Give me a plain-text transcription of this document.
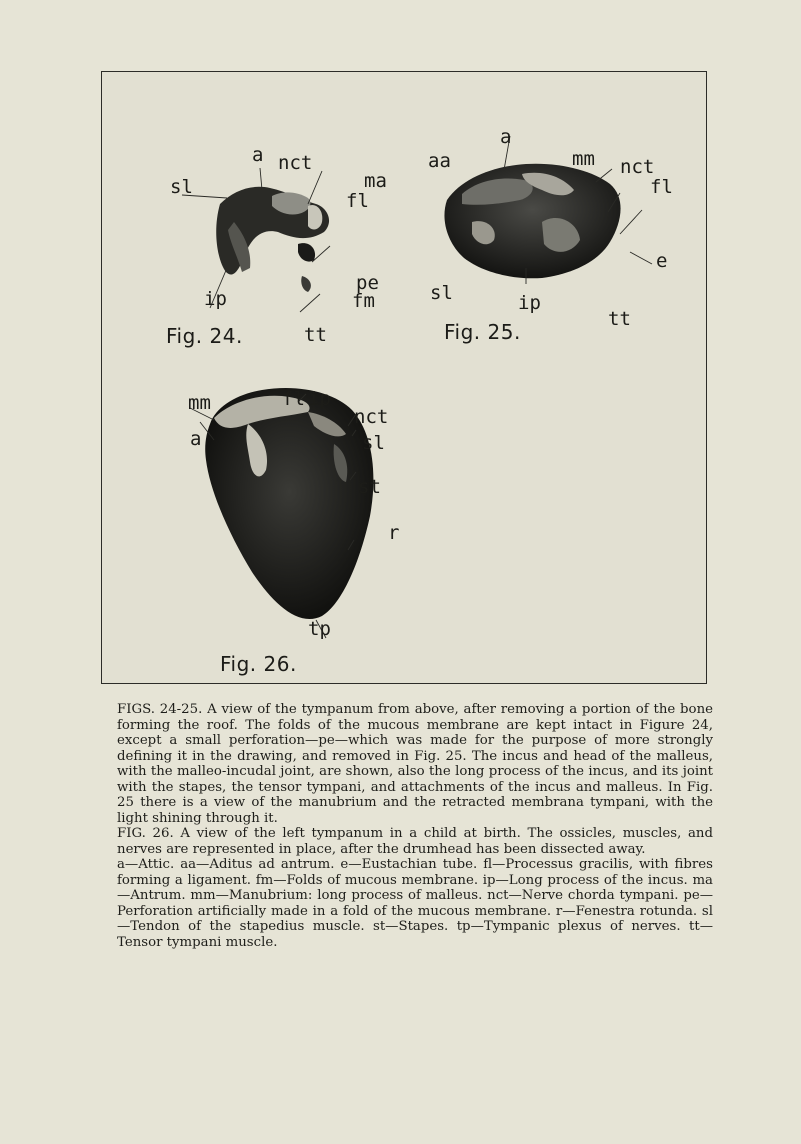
a nct
sl
fl
ma
ip
pe
fm
tt
Fig. 24.
a
aa	mm nct
fl
e
sl	ip
tt
Fig. 25.
mm	fl ip
a
nct
sl
st
r
tp
Fig. 26.

FIGS. 24-25. A view of the tympanum from above, after removing a portion of the bone forming the roof. The folds of the mucous membrane are kept intact in Figure 24, except a small perforation—pe—which was made for the purpose of more strongly defining it in the drawing, and removed in Fig. 25. The incus and head of the malleus, with the malleo-incudal joint, are shown, also the long process of the incus, and its joint with the stapes, the tensor tympani, and attachments of the incus and malleus. In Fig. 25 there is a view of the manubrium and the retracted membrana tympani, with the light shining through it.

FIG. 26. A view of the left tympanum in a child at birth. The ossicles, muscles, and nerves are represented in place, after the drumhead has been dissected away.

a—Attic. aa—Aditus ad antrum. e—Eustachian tube. fl—Processus gracilis, with fibres forming a ligament. fm—Folds of mucous membrane. ip—Long process of the incus. ma—Antrum. mm—Manubrium: long process of malleus. nct—Nerve chorda tympani. pe—Perforation artificially made in a fold of the mucous membrane. r—Fenestra rotunda. sl—Tendon of the stapedius muscle. st—Stapes. tp—Tympanic plexus of nerves. tt—Tensor tympani muscle.
